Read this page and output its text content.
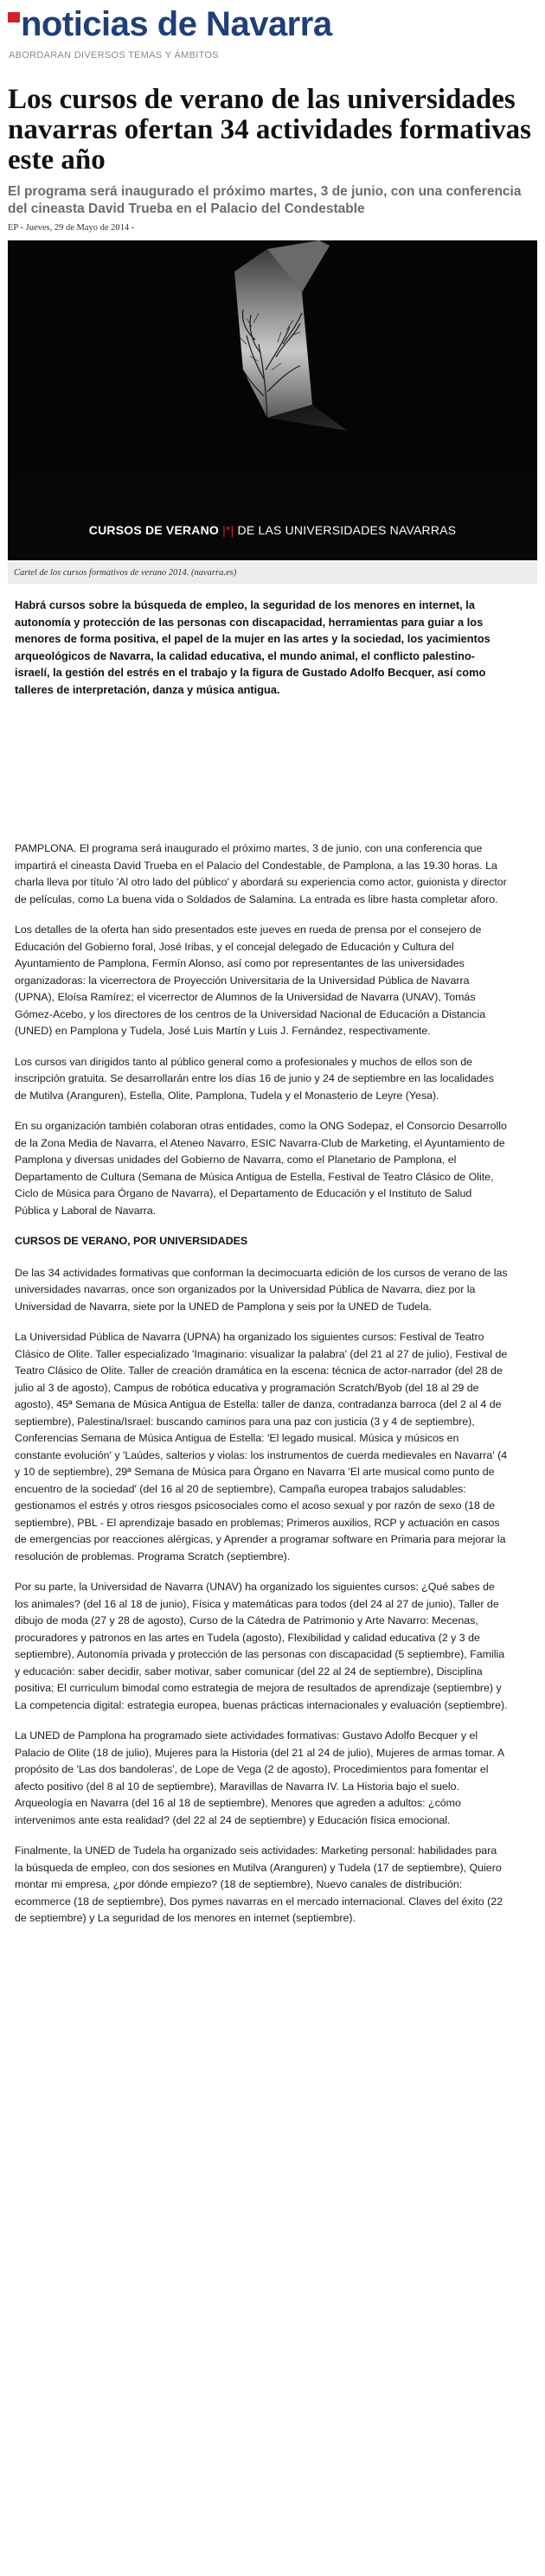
noticias de Navarra
ABORDARAN DIVERSOS TEMAS Y ÁMBITOS
Los cursos de verano de las universidades navarras ofertan 34 actividades formativas este año
El programa será inaugurado el próximo martes, 3 de junio, con una conferencia del cineasta David Trueba en el Palacio del Condestable
EP - Jueves, 29 de Mayo de 2014 -
CURSOS DE VERANO |*| DE LAS UNIVERSIDADES NAVARRAS
Cartel de los cursos formativos de verano 2014. (navarra.es)

Habrá cursos sobre la búsqueda de empleo, la seguridad de los menores en internet, la autonomía y protección de las personas con discapacidad, herramientas para guiar a los menores de forma positiva, el papel de la mujer en las artes y la sociedad, los yacimientos arqueológicos de Navarra, la calidad educativa, el mundo animal, el conflicto palestino-israelí, la gestión del estrés en el trabajo y la figura de Gustado Adolfo Becquer, así como talleres de interpretación, danza y música antigua.

PAMPLONA. El programa será inaugurado el próximo martes, 3 de junio, con una conferencia que impartirá el cineasta David Trueba en el Palacio del Condestable, de Pamplona, a las 19.30 horas. La charla lleva por título 'Al otro lado del público' y abordará su experiencia como actor, guionista y director de películas, como La buena vida o Soldados de Salamina. La entrada es libre hasta completar aforo.

Los detalles de la oferta han sido presentados este jueves en rueda de prensa por el consejero de Educación del Gobierno foral, José Iribas, y el concejal delegado de Educación y Cultura del Ayuntamiento de Pamplona, Fermín Alonso, así como por representantes de las universidades organizadoras: la vicerrectora de Proyección Universitaria de la Universidad Pública de Navarra (UPNA), Eloísa Ramírez; el vicerrector de Alumnos de la Universidad de Navarra (UNAV), Tomás Gómez-Acebo, y los directores de los centros de la Universidad Nacional de Educación a Distancia (UNED) en Pamplona y Tudela, José Luis Martín y Luis J. Fernández, respectivamente.

Los cursos van dirigidos tanto al público general como a profesionales y muchos de ellos son de inscripción gratuita. Se desarrollarán entre los días 16 de junio y 24 de septiembre en las localidades de Mutilva (Aranguren), Estella, Olite, Pamplona, Tudela y el Monasterio de Leyre (Yesa).

En su organización también colaboran otras entidades, como la ONG Sodepaz, el Consorcio Desarrollo de la Zona Media de Navarra, el Ateneo Navarro, ESIC Navarra-Club de Marketing, el Ayuntamiento de Pamplona y diversas unidades del Gobierno de Navarra, como el Planetario de Pamplona, el Departamento de Cultura (Semana de Música Antigua de Estella, Festival de Teatro Clásico de Olite, Ciclo de Música para Órgano de Navarra), el Departamento de Educación y el Instituto de Salud Pública y Laboral de Navarra.

CURSOS DE VERANO, POR UNIVERSIDADES

De las 34 actividades formativas que conforman la decimocuarta edición de los cursos de verano de las universidades navarras, once son organizados por la Universidad Pública de Navarra, diez por la Universidad de Navarra, siete por la UNED de Pamplona y seis por la UNED de Tudela.

La Universidad Pública de Navarra (UPNA) ha organizado los siguientes cursos: Festival de Teatro Clásico de Olite. Taller especializado 'Imaginario: visualizar la palabra' (del 21 al 27 de julio), Festival de Teatro Clásico de Olite. Taller de creación dramática en la escena: técnica de actor-narrador (del 28 de julio al 3 de agosto), Campus de robótica educativa y programación Scratch/Byob (del 18 al 29 de agosto), 45ª Semana de Música Antigua de Estella: taller de danza, contradanza barroca (del 2 al 4 de septiembre), Palestina/Israel: buscando caminos para una paz con justicia (3 y 4 de septiembre), Conferencias Semana de Música Antigua de Estella: 'El legado musical. Música y músicos en constante evolución' y 'Laúdes, salterios y violas: los instrumentos de cuerda medievales en Navarra' (4 y 10 de septiembre), 29ª Semana de Música para Órgano en Navarra 'El arte musical como punto de encuentro de la sociedad' (del 16 al 20 de septiembre), Campaña europea trabajos saludables: gestionamos el estrés y otros riesgos psicosociales como el acoso sexual y por razón de sexo (18 de septiembre), PBL - El aprendizaje basado en problemas; Primeros auxilios, RCP y actuación en casos de emergencias por reacciones alérgicas, y Aprender a programar software en Primaria para mejorar la resolución de problemas. Programa Scratch (septiembre).

Por su parte, la Universidad de Navarra (UNAV) ha organizado los siguientes cursos: ¿Qué sabes de los animales? (del 16 al 18 de junio), Física y matemáticas para todos (del 24 al 27 de junio), Taller de dibujo de moda (27 y 28 de agosto), Curso de la Cátedra de Patrimonio y Arte Navarro: Mecenas, procuradores y patronos en las artes en Tudela (agosto), Flexibilidad y calidad educativa (2 y 3 de septiembre), Autonomía privada y protección de las personas con discapacidad (5 septiembre), Familia y educación: saber decidir, saber motivar, saber comunicar (del 22 al 24 de septiembre), Disciplina positiva; El curriculum bimodal como estrategia de mejora de resultados de aprendizaje (septiembre) y La competencia digital: estrategia europea, buenas prácticas internacionales y evaluación (septiembre).

La UNED de Pamplona ha programado siete actividades formativas: Gustavo Adolfo Becquer y el Palacio de Olite (18 de julio), Mujeres para la Historia (del 21 al 24 de julio), Mujeres de armas tomar. A propósito de 'Las dos bandoleras', de Lope de Vega (2 de agosto), Procedimientos para fomentar el afecto positivo (del 8 al 10 de septiembre), Maravillas de Navarra IV. La Historia bajo el suelo. Arqueología en Navarra (del 16 al 18 de septiembre), Menores que agreden a adultos: ¿cómo intervenimos ante esta realidad? (del 22 al 24 de septiembre) y Educación física emocional.

Finalmente, la UNED de Tudela ha organizado seis actividades: Marketing personal: habilidades para la búsqueda de empleo, con dos sesiones en Mutilva (Aranguren) y Tudela (17 de septiembre), Quiero montar mi empresa, ¿por dónde empiezo? (18 de septiembre), Nuevo canales de distribución: ecommerce (18 de septiembre), Dos pymes navarras en el mercado internacional. Claves del éxito (22 de septiembre) y La seguridad de los menores en internet (septiembre).
